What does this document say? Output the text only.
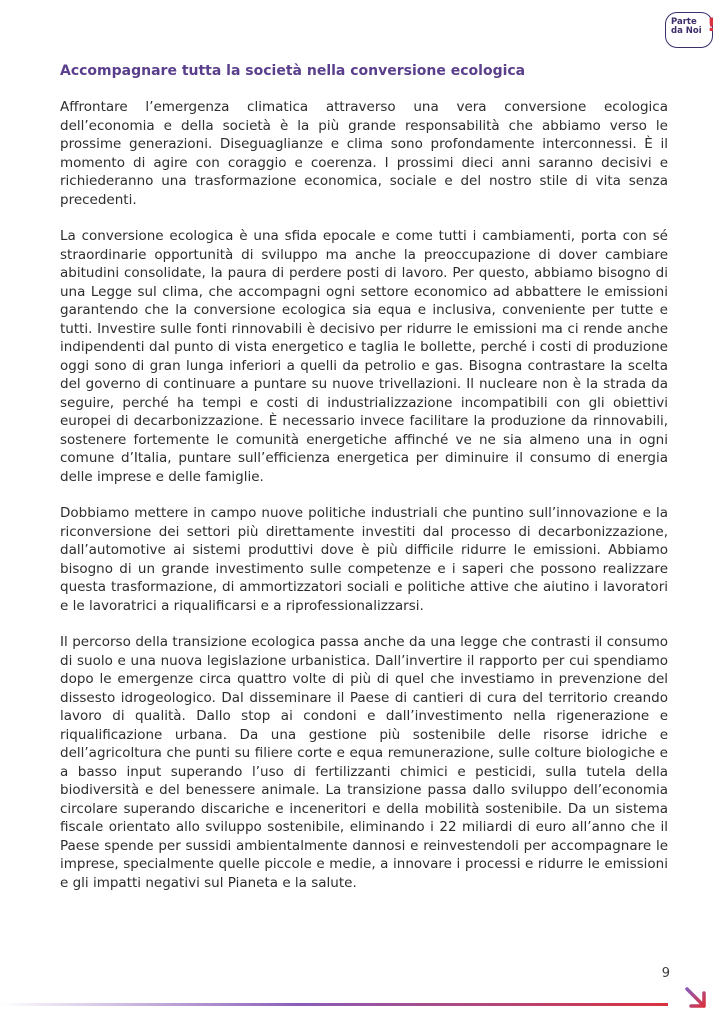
Parte
da Noi !
Accompagnare tutta la società nella conversione ecologica

Affrontare l’emergenza climatica attraverso una vera conversione ecologica dell’economia e della società è la più grande responsabilità che abbiamo verso le prossime generazioni. Diseguaglianze e clima sono profondamente interconnessi. È il momento di agire con coraggio e coerenza. I prossimi dieci anni saranno decisivi e richiederanno una trasformazione economica, sociale e del nostro stile di vita senza precedenti.

La conversione ecologica è una sfida epocale e come tutti i cambiamenti, porta con sé straordinarie opportunità di sviluppo ma anche la preoccupazione di dover cambiare abitudini consolidate, la paura di perdere posti di lavoro. Per questo, abbiamo bisogno di una Legge sul clima, che accompagni ogni settore economico ad abbattere le emissioni garantendo che la conversione ecologica sia equa e inclusiva, conveniente per tutte e tutti. Investire sulle fonti rinnovabili è decisivo per ridurre le emissioni ma ci rende anche indipendenti dal punto di vista energetico e taglia le bollette, perché i costi di produzione oggi sono di gran lunga inferiori a quelli da petrolio e gas. Bisogna contrastare la scelta del governo di continuare a puntare su nuove trivellazioni. Il nucleare non è la strada da seguire, perché ha tempi e costi di industrializzazione incompatibili con gli obiettivi europei di decarbonizzazione. È necessario invece facilitare la produzione da rinnovabili, sostenere fortemente le comunità energetiche affinché ve ne sia almeno una in ogni comune d’Italia, puntare sull’efficienza energetica per diminuire il consumo di energia delle imprese e delle famiglie.

Dobbiamo mettere in campo nuove politiche industriali che puntino sull’innovazione e la riconversione dei settori più direttamente investiti dal processo di decarbonizzazione, dall’automotive ai sistemi produttivi dove è più difficile ridurre le emissioni. Abbiamo bisogno di un grande investimento sulle competenze e i saperi che possono realizzare questa trasformazione, di ammortizzatori sociali e politiche attive che aiutino i lavoratori e le lavoratrici a riqualificarsi e a riprofessionalizzarsi.

Il percorso della transizione ecologica passa anche da una legge che contrasti il consumo di suolo e una nuova legislazione urbanistica. Dall’invertire il rapporto per cui spendiamo dopo le emergenze circa quattro volte di più di quel che investiamo in prevenzione del dissesto idrogeologico. Dal disseminare il Paese di cantieri di cura del territorio creando lavoro di qualità. Dallo stop ai condoni e dall’investimento nella rigenerazione e riqualificazione urbana. Da una gestione più sostenibile delle risorse idriche e dell’agricoltura che punti su filiere corte e equa remunerazione, sulle colture biologiche e a basso input superando l’uso di fertilizzanti chimici e pesticidi, sulla tutela della biodiversità e del benessere animale. La transizione passa dallo sviluppo dell’economia circolare superando discariche e inceneritori e della mobilità sostenibile. Da un sistema fiscale orientato allo sviluppo sostenibile, eliminando i 22 miliardi di euro all’anno che il Paese spende per sussidi ambientalmente dannosi e reinvestendoli per accompagnare le imprese, specialmente quelle piccole e medie, a innovare i processi e ridurre le emissioni e gli impatti negativi sul Pianeta e la salute.

9
